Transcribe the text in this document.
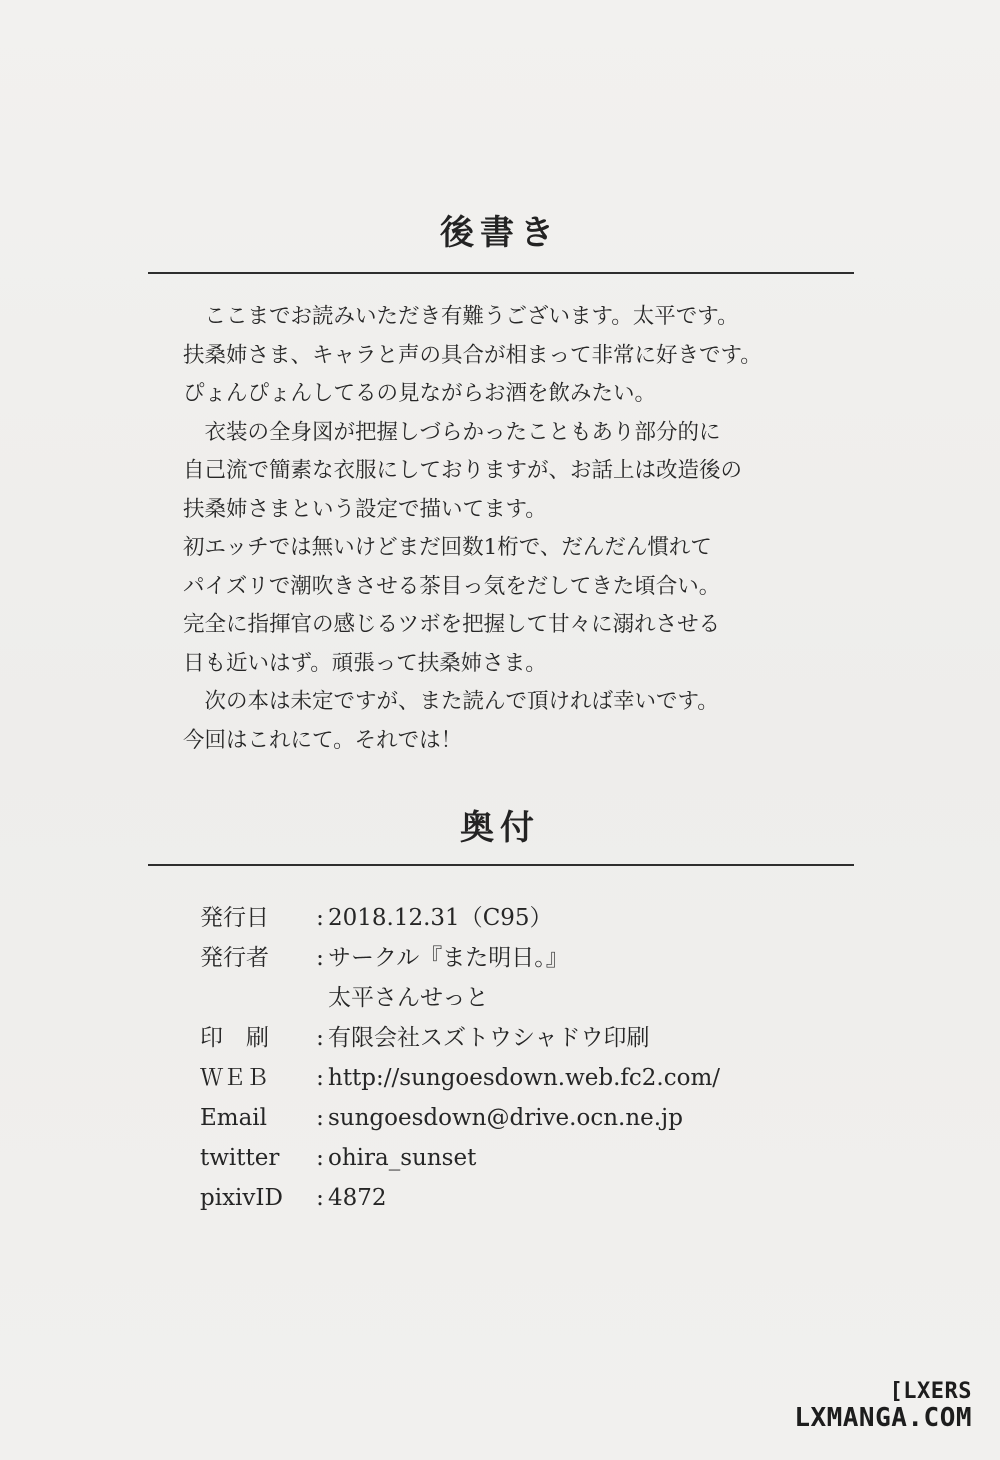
後書き

　ここまでお読みいただき有難うございます。太平です。

扶桑姉さま、キャラと声の具合が相まって非常に好きです。

ぴょんぴょんしてるの見ながらお酒を飲みたい。

　衣装の全身図が把握しづらかったこともあり部分的に

自己流で簡素な衣服にしておりますが、お話上は改造後の

扶桑姉さまという設定で描いてます。

初エッチでは無いけどまだ回数1桁で、だんだん慣れて

パイズリで潮吹きさせる茶目っ気をだしてきた頃合い。

完全に指揮官の感じるツボを把握して甘々に溺れさせる

日も近いはず。頑張って扶桑姉さま。

　次の本は未定ですが、また読んで頂ければ幸いです。

今回はこれにて。それでは！

奥付
発行日	: 2018.12.31（C95）
発行者	: サークル『また明日。』
太平さんせっと
印　刷	: 有限会社スズトウシャドウ印刷
ＷＥＢ	: http://sungoesdown.web.fc2.com/
Email	: sungoesdown@drive.ocn.ne.jp
twitter	: ohira_sunset
pixivID	: 4872
[LXERS
LXMANGA.COM
